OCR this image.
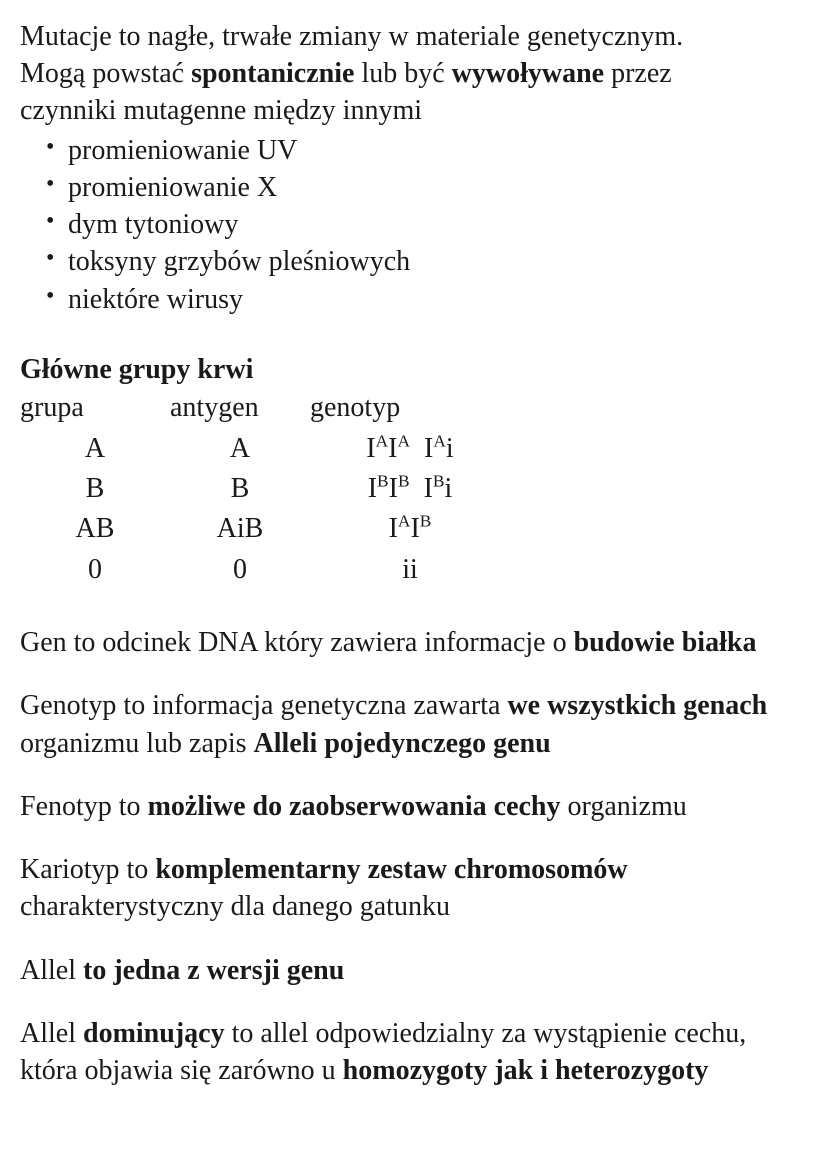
Mutacje to nagłe, trwałe zmiany w materiale genetycznym.
Mogą powstać spontanicznie lub być wywoływane przez
czynniki mutagenne między innymi
• promieniowanie UV
• promieniowanie X
• dym tytoniowy
• toksyny grzybów pleśniowych
• niektóre wirusy
Główne grupy krwi
grupa	antygen	genotyp
A	A	$I^AI^A$ $I^Ai$
B	B	$I^BI^B$ $I^Bi$
AB	AiB	$I^AI^B$
0	0	ii
Gen to odcinek DNA który zawiera informacje o budowie białka
Genotyp to informacja genetyczna zawarta we wszystkich genach organizmu lub zapis Alleli pojedynczego genu
Fenotyp to możliwe do zaobserwowania cechy organizmu
Kariotyp to komplementarny zestaw chromosomów charakterystyczny dla danego gatunku
Allel to jedna z wersji genu
Allel dominujący to allel odpowiedzialny za wystąpienie cechu, która objawia się zarówno u homozygoty jak i heterozygoty
